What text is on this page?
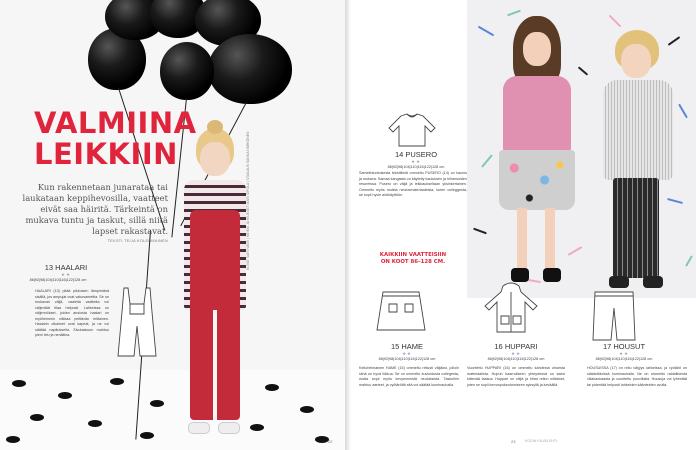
VALMIINA
LEIKKIIN

Kun rakennetaan junarataa tai laukataan keppihevosilla, vaatteet eivät saa häiritä. Tärkeintä on mukava tuntu ja taskut, sillä niitä lapset rakastavat.

TEKSTI TEIJA KOLEHMAINEN
13 HAALARI
★★
86|92|98|104|110|116|122|128 cm

HAALARI (13) pitää pikkuisen lämpimänä sisällä, jos ampujat ovat vakosamettia. Se on mukavan väljä, vaaleita vaatteita voi väljentää tilaa helposti. Lahkeissa on väljennökset, joiden ansiosta haalari on myöhemmin nilkkaa peittävän mittainen. Haalarin olkaimet ovat kapeat, ja ne voi säätää napituksella. Sivutaskuun mahtuu pieni lelu ja nenäliina.

KUVAT SARI NIEMI | MEIKKI JA HIUKSET MARI SIPOLA | STAILAUS SANNA HÄRKÖNEN
22
14 PUSERO
★★
86|92|98|104|110|116|122|128 cm

Sametintuntuisesta tekstiilistä ommeltu PUSERO (14) on kaunis ja mukava. Samaa kangasta on käytetty kauluksen ja hihansuiden resoreissa. Pusero on väljä ja leikkaukseltaan yksinkertainen. Ommeltu myös muista neulosmateriaaleista, kuten colleggesta, se sopii hyvin arkikäyttöön.

KAIKKIIN VAATTEISIIN ON KOOT 86–128 CM.
15 HAME
★★
86|92|98|104|110|116|122|128 cm

Kellohelmainen HAME (15) ommeltu reilusti väljäksi, jolloin siinä on hyvä liikkua. Se on ommeltu kuvioidusta collegesta, mutta sopii myös kevyemmistä neuloksista. Taskuihin mahtuu aarteet, ja vyötäröltä sitä voi säätää kuminauhalla.

16 HUPPARI
★★
86|92|98|104|110|116|122|128 cm

Vuoritettu HUPPARI (16) on ommeltu kahdesta ohuesta materiaalista. Hupun kaarrokkeen yhteydessä on kaksi kätevää taskua. Huppari on väljä ja hihat reilun mittaiset, joten se sopii kerrospukeutumiseen syksyllä ja keväällä.

17 HOUSUT
★★
86|92|98|104|110|116|122|128 cm

HOUSUISSA (17) on reilu väljyys lahkeissa, ja vyötärö on säädettävissä kuminauhalla. Ne on ommeltu raidallisesta villakankaasta ja vuoritettu puuvillalla. Housuja voi lyhentää tai pidentää helposti lahkeiden käänteiden avulla.

23	KODIN KUVALEHTI
